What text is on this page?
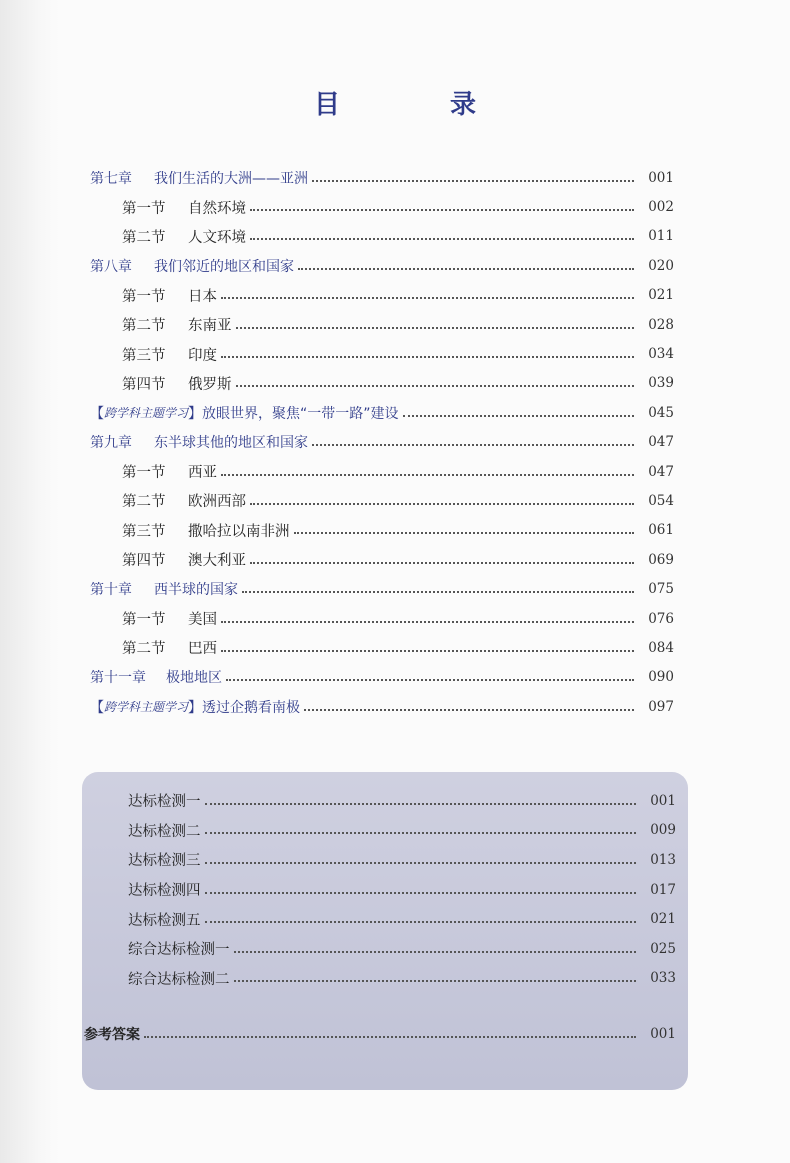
目　录
第七章	我们生活的大洲——亚洲	001
第一节	自然环境	002
第二节	人文环境	011
第八章	我们邻近的地区和国家	020
第一节	日本	021
第二节	东南亚	028
第三节	印度	034
第四节	俄罗斯	039
【 跨学科主题学习 】 放眼世界，聚焦“一带一路”建设	045
第九章	东半球其他的地区和国家	047
第一节	西亚	047
第二节	欧洲西部	054
第三节	撒哈拉以南非洲	061
第四节	澳大利亚	069
第十章	西半球的国家	075
第一节	美国	076
第二节	巴西	084
第十一章	极地地区	090
【 跨学科主题学习 】 透过企鹅看南极	097
达标检测一	001
达标检测二	009
达标检测三	013
达标检测四	017
达标检测五	021
综合达标检测一	025
综合达标检测二	033
参考答案	001
